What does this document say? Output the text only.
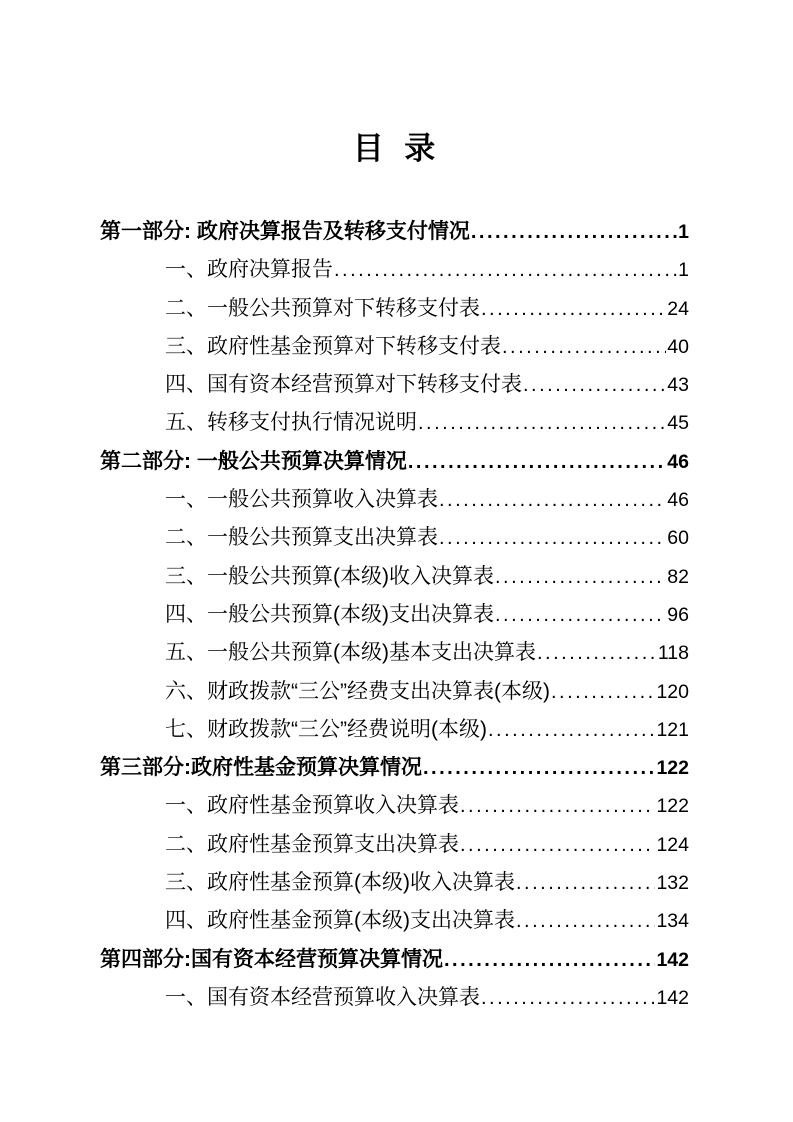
目 录
第一部分: 政府决算报告及转移支付情况 .....	1
一、政府决算报告 .....	1
二、一般公共预算对下转移支付表 .....	24
三、政府性基金预算对下转移支付表 .....	40
四、国有资本经营预算对下转移支付表 .....	43
五、转移支付执行情况说明 .....	45
第二部分: 一般公共预算决算情况 .....	46
一、一般公共预算收入决算表 .....	46
二、一般公共预算支出决算表 .....	60
三、一般公共预算(本级)收入决算表 .....	82
四、一般公共预算(本级)支出决算表 .....	96
五、一般公共预算(本级)基本支出决算表 .....	118
六、财政拨款“三公”经费支出决算表(本级) .....	120
七、财政拨款“三公”经费说明(本级) .....	121
第三部分:政府性基金预算决算情况 .....	122
一、政府性基金预算收入决算表 .....	122
二、政府性基金预算支出决算表 .....	124
三、政府性基金预算(本级)收入决算表 .....	132
四、政府性基金预算(本级)支出决算表 .....	134
第四部分:国有资本经营预算决算情况 .....	142
一、国有资本经营预算收入决算表 .....	142
